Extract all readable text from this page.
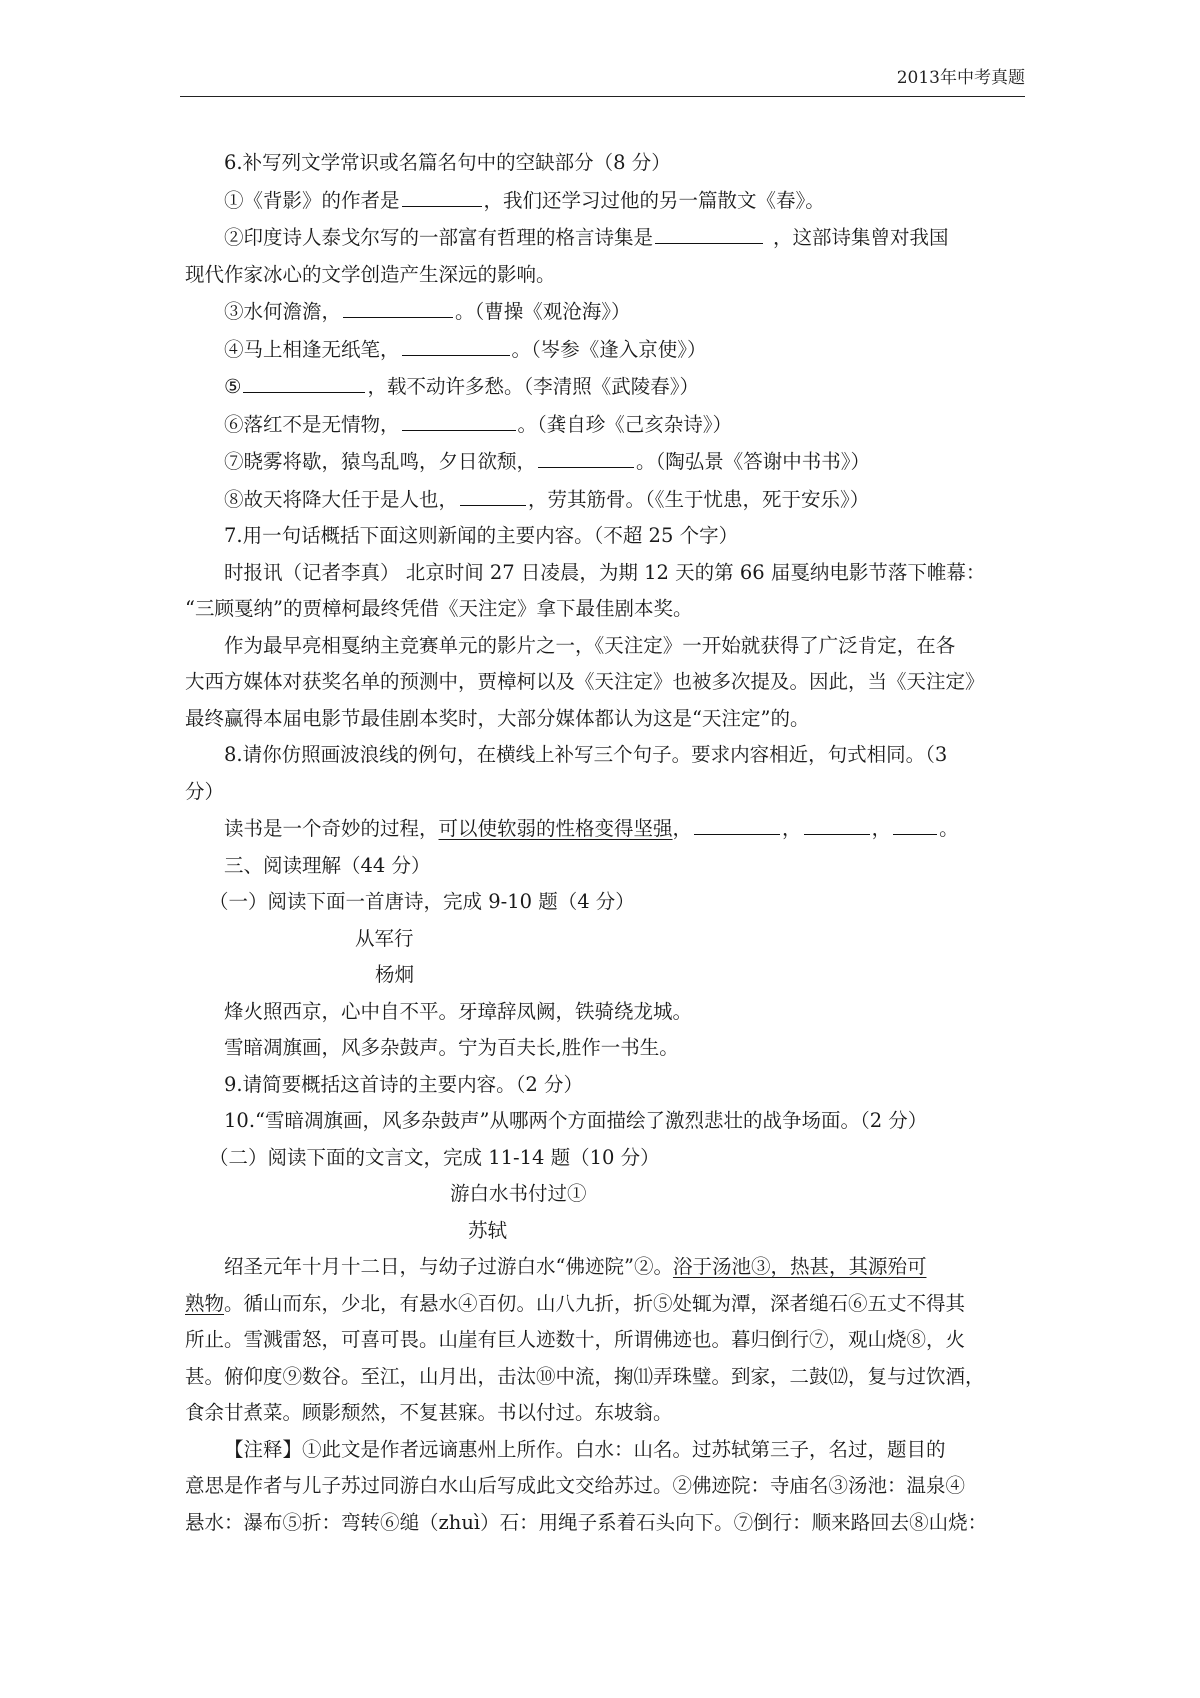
2013年中考真题

6.补写列文学常识或名篇名句中的空缺部分（8 分）

①《背影》的作者是	，我们还学习过他的另一篇散文《春》。

②印度诗人泰戈尔写的一部富有哲理的格言诗集是	，这部诗集曾对我国

现代作家冰心的文学创造产生深远的影响。

③水何澹澹，	。（曹操《观沧海》）

④马上相逢无纸笔，	。（岑参《逢入京使》）

⑤	，载不动许多愁。（李清照《武陵春》）

⑥落红不是无情物，	。（龚自珍《己亥杂诗》）

⑦晓雾将歇，猿鸟乱鸣，夕日欲颓，	。（陶弘景《答谢中书书》）

⑧故天将降大任于是人也，	，劳其筋骨。（《生于忧患，死于安乐》）

7.用一句话概括下面这则新闻的主要内容。（不超 25 个字）

时报讯（记者李真） 北京时间 27 日凌晨，为期 12 天的第 66 届戛纳电影节落下帷幕：

“三顾戛纳”的贾樟柯最终凭借《天注定》拿下最佳剧本奖。

作为最早亮相戛纳主竞赛单元的影片之一，《天注定》一开始就获得了广泛肯定，在各

大西方媒体对获奖名单的预测中，贾樟柯以及《天注定》也被多次提及。因此，当《天注定》

最终赢得本届电影节最佳剧本奖时，大部分媒体都认为这是“天注定”的。

8.请你仿照画波浪线的例句，在横线上补写三个句子。要求内容相近，句式相同。（3

分）

读书是一个奇妙的过程，可以使软弱的性格变得坚强，	，	， 。

三、阅读理解（44 分）

（一）阅读下面一首唐诗，完成 9-10 题（4 分）

从军行

杨炯

烽火照西京，心中自不平。牙璋辞凤阙，铁骑绕龙城。

雪暗凋旗画，风多杂鼓声。宁为百夫长,胜作一书生。

9.请简要概括这首诗的主要内容。（2 分）

10.“雪暗凋旗画，风多杂鼓声”从哪两个方面描绘了激烈悲壮的战争场面。（2 分）

（二）阅读下面的文言文，完成 11-14 题（10 分）

游白水书付过①

苏轼

绍圣元年十月十二日，与幼子过游白水“佛迹院”②。浴于汤池③，热甚，其源殆可

熟物。循山而东，少北，有悬水④百仞。山八九折，折⑤处辄为潭，深者缒石⑥五丈不得其

所止。雪溅雷怒，可喜可畏。山崖有巨人迹数十，所谓佛迹也。暮归倒行⑦，观山烧⑧，火

甚。俯仰度⑨数谷。至江，山月出，击汰⑩中流，掬⑾弄珠璧。到家，二鼓⑿，复与过饮酒，

食余甘煮菜。顾影颓然，不复甚寐。书以付过。东坡翁。

【注释】①此文是作者远谪惠州上所作。白水：山名。过苏轼第三子，名过，题目的

意思是作者与儿子苏过同游白水山后写成此文交给苏过。②佛迹院：寺庙名③汤池：温泉④

悬水：瀑布⑤折：弯转⑥缒（zhuì）石：用绳子系着石头向下。⑦倒行：顺来路回去⑧山烧：
